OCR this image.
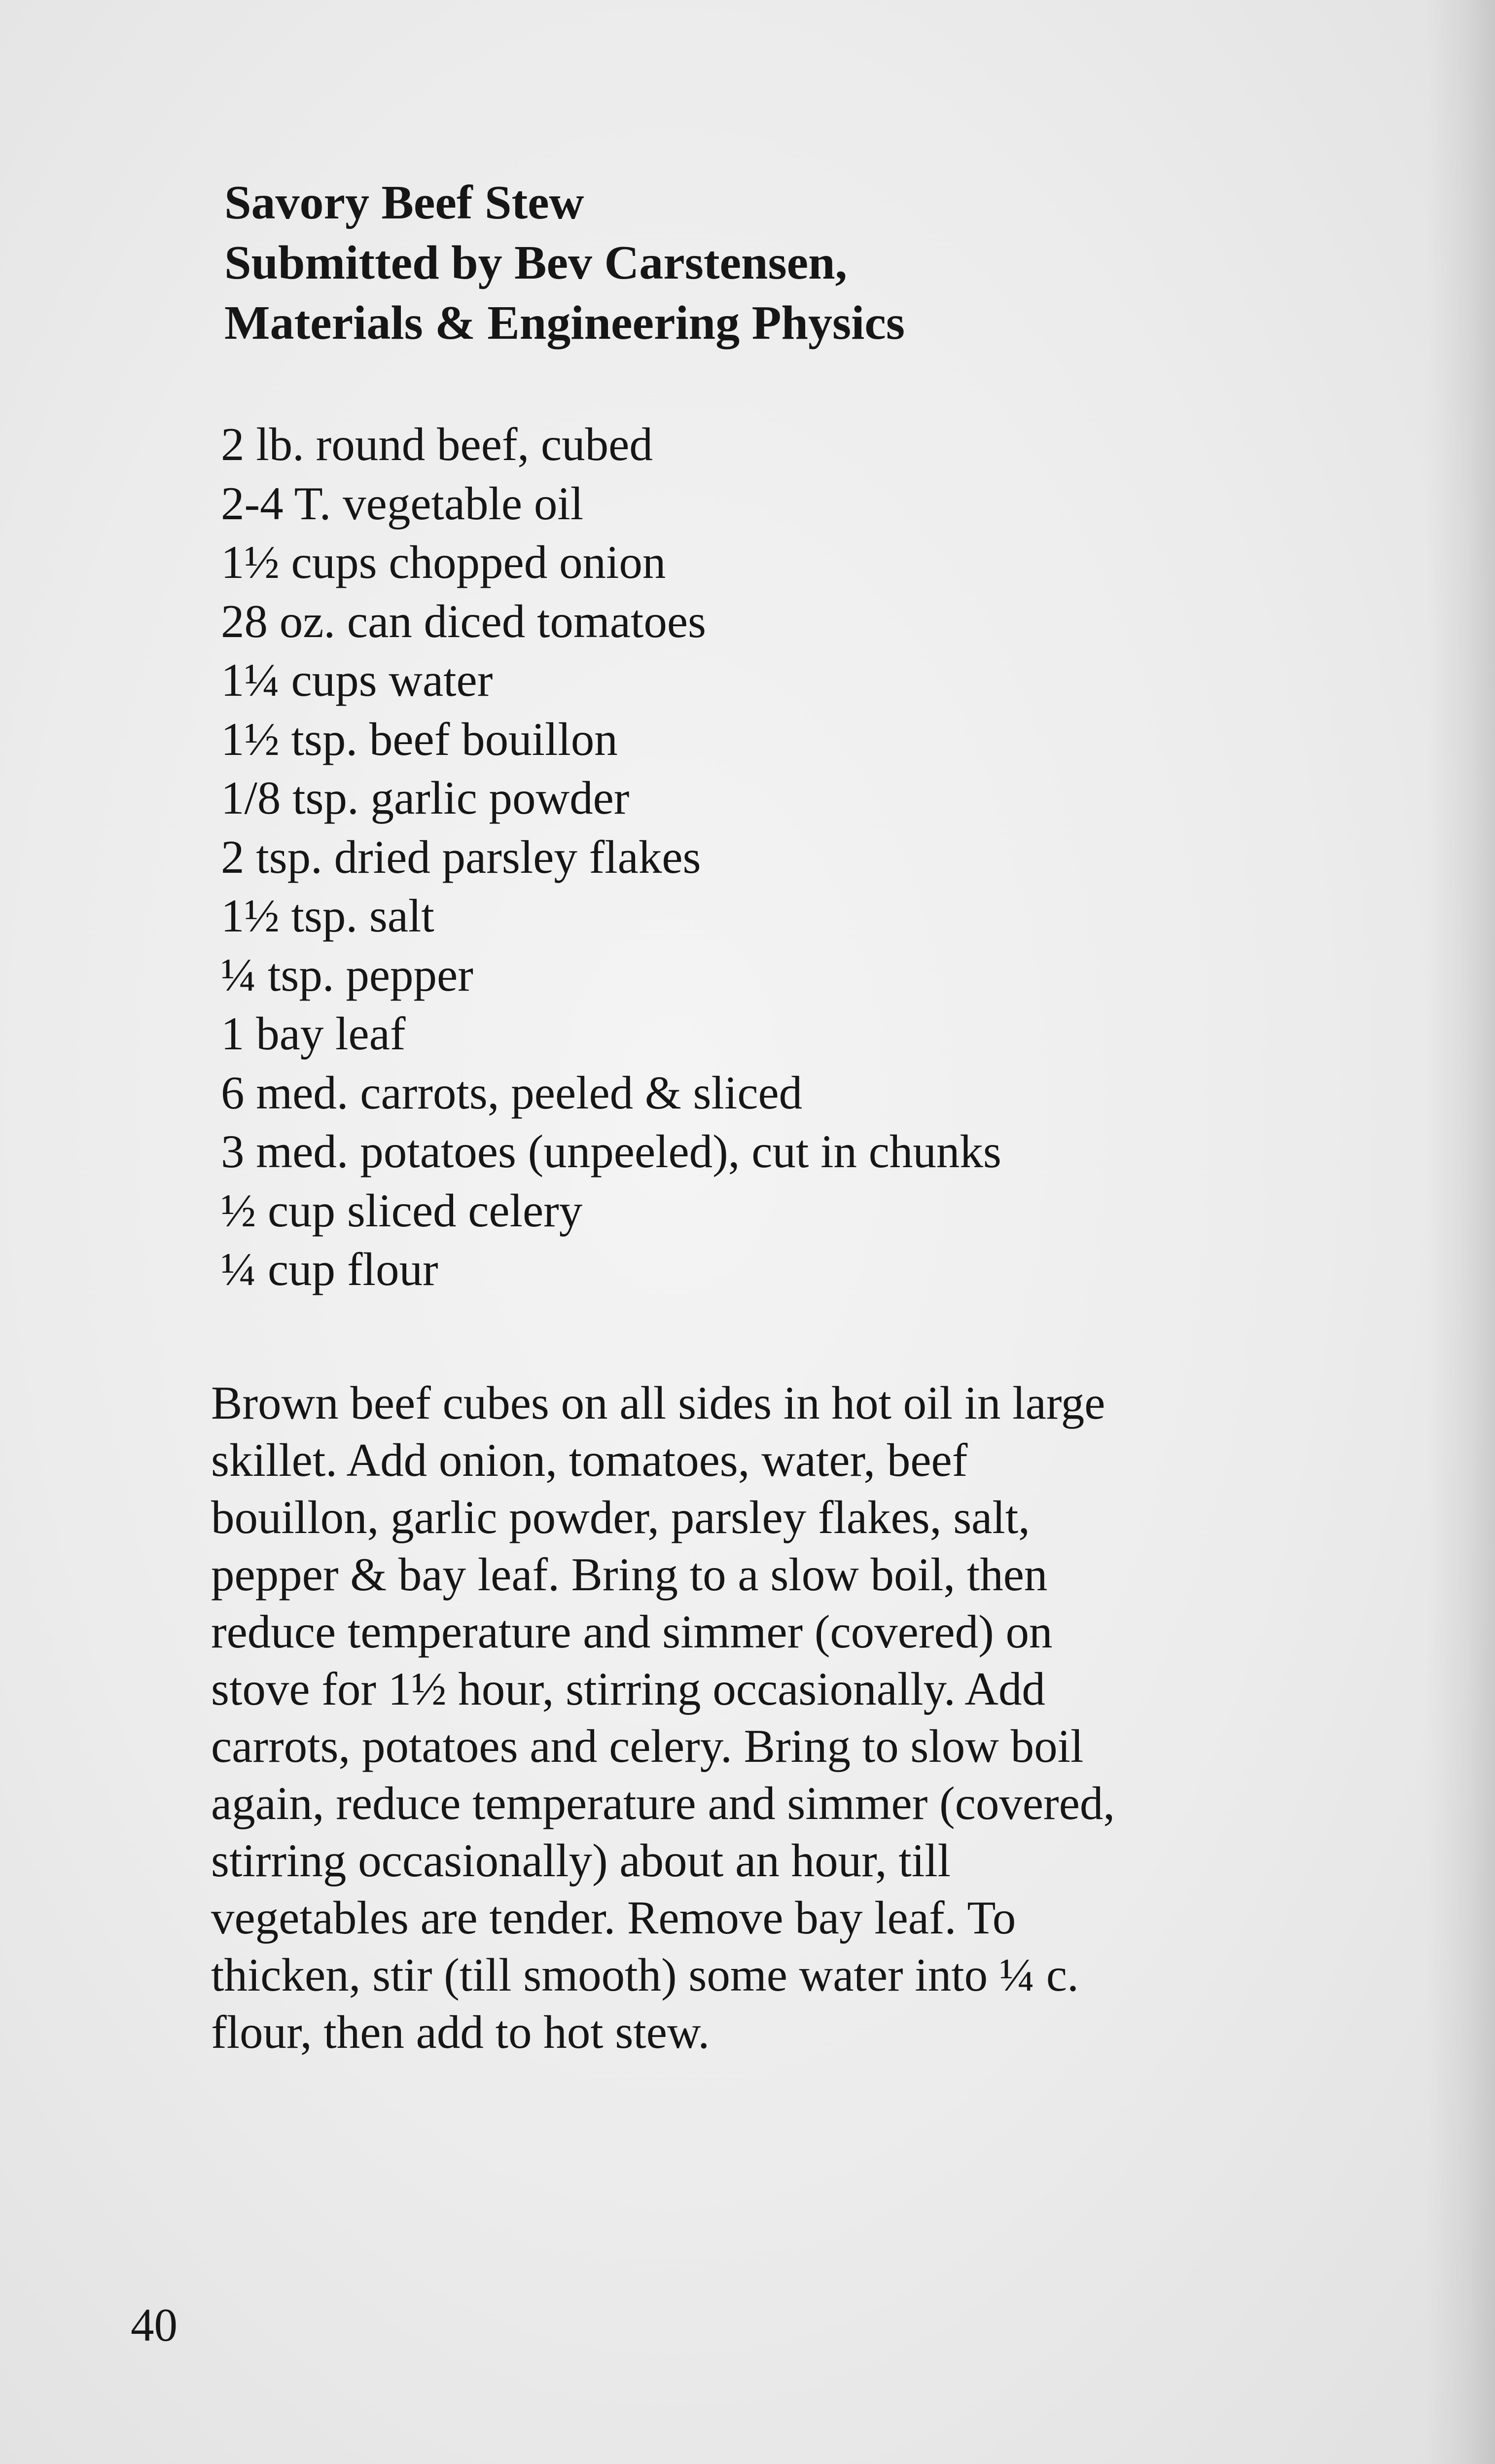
Savory Beef Stew
Submitted by Bev Carstensen,
Materials & Engineering Physics
2 lb. round beef, cubed
2-4 T. vegetable oil
1½ cups chopped onion
28 oz. can diced tomatoes
1¼ cups water
1½ tsp. beef bouillon
1/8 tsp. garlic powder
2 tsp. dried parsley flakes
1½ tsp. salt
¼ tsp. pepper
1 bay leaf
6 med. carrots, peeled & sliced
3 med. potatoes (unpeeled), cut in chunks
½ cup sliced celery
¼ cup flour
Brown beef cubes on all sides in hot oil in large
skillet. Add onion, tomatoes, water, beef
bouillon, garlic powder, parsley flakes, salt,
pepper & bay leaf. Bring to a slow boil, then
reduce temperature and simmer (covered) on
stove for 1½ hour, stirring occasionally. Add
carrots, potatoes and celery. Bring to slow boil
again, reduce temperature and simmer (covered,
stirring occasionally) about an hour, till
vegetables are tender. Remove bay leaf. To
thicken, stir (till smooth) some water into ¼ c.
flour, then add to hot stew.
40
